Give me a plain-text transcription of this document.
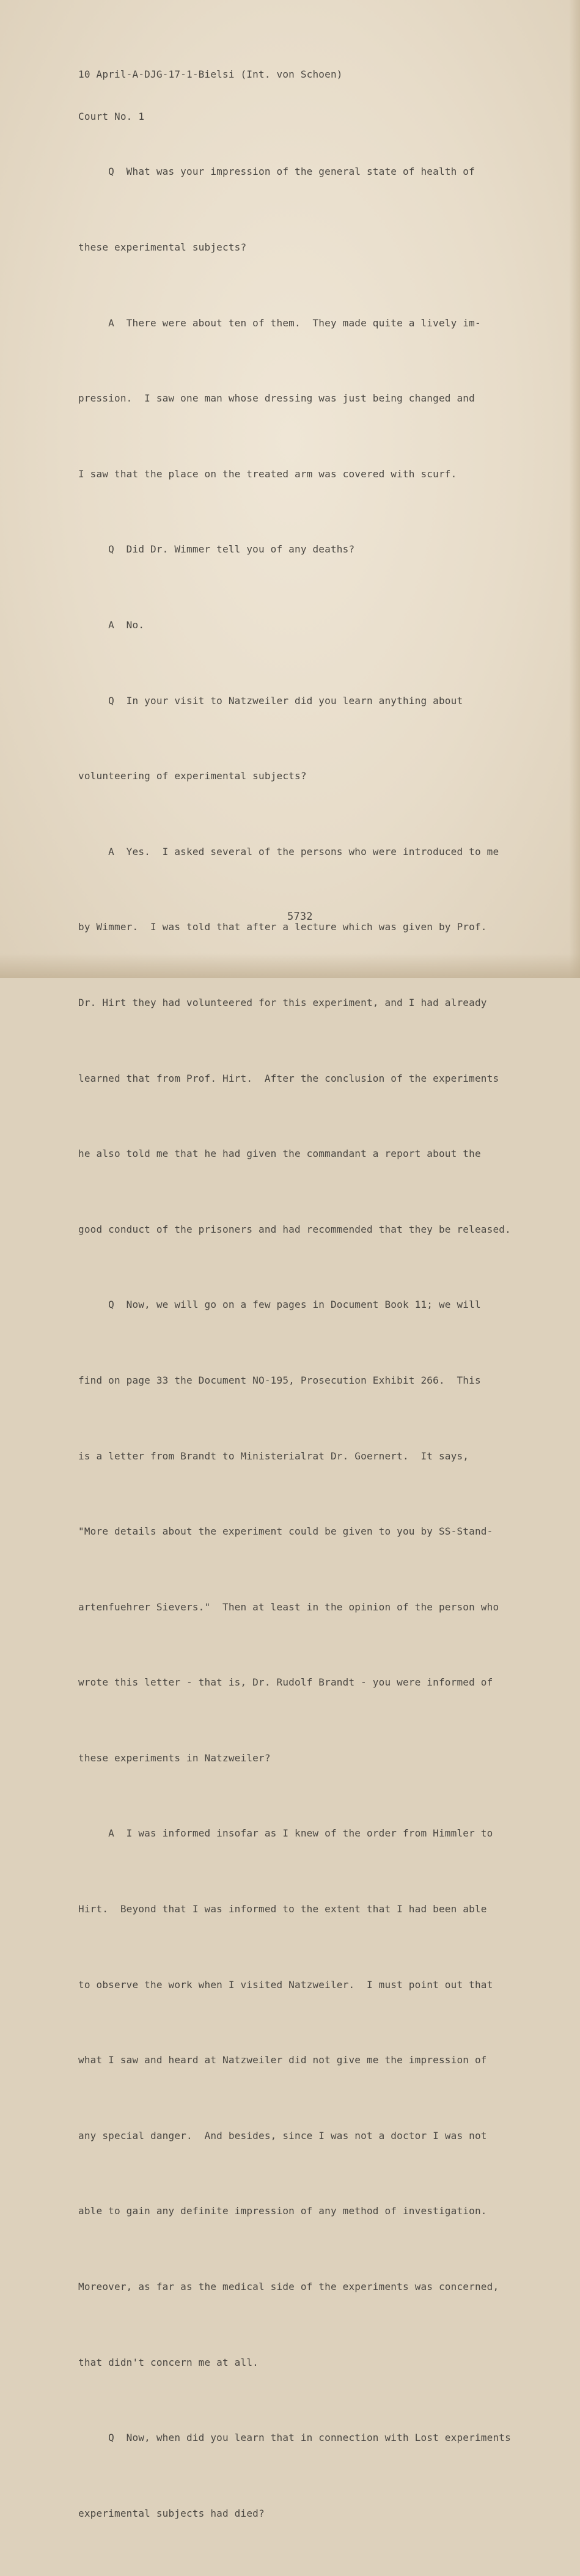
10 April-A-DJG-17-1-Bielsi (Int. von Schoen)

Court No. 1

Q  What was your impression of the general state of health of

these experimental subjects?

A  There were about ten of them.  They made quite a lively im-

pression.  I saw one man whose dressing was just being changed and

I saw that the place on the treated arm was covered with scurf.

Q  Did Dr. Wimmer tell you of any deaths?

A  No.

Q  In your visit to Natzweiler did you learn anything about

volunteering of experimental subjects?

A  Yes.  I asked several of the persons who were introduced to me

by Wimmer.  I was told that after a lecture which was given by Prof.

Dr. Hirt they had volunteered for this experiment, and I had already

learned that from Prof. Hirt.  After the conclusion of the experiments

he also told me that he had given the commandant a report about the

good conduct of the prisoners and had recommended that they be released.

Q  Now, we will go on a few pages in Document Book 11; we will

find on page 33 the Document NO-195, Prosecution Exhibit 266.  This

is a letter from Brandt to Ministerialrat Dr. Goernert.  It says,

"More details about the experiment could be given to you by SS-Stand-

artenfuehrer Sievers."  Then at least in the opinion of the person who

wrote this letter - that is, Dr. Rudolf Brandt - you were informed of

these experiments in Natzweiler?

A  I was informed insofar as I knew of the order from Himmler to

Hirt.  Beyond that I was informed to the extent that I had been able

to observe the work when I visited Natzweiler.  I must point out that

what I saw and heard at Natzweiler did not give me the impression of

any special danger.  And besides, since I was not a doctor I was not

able to gain any definite impression of any method of investigation.

Moreover, as far as the medical side of the experiments was concerned,

that didn't concern me at all.

Q  Now, when did you learn that in connection with Lost experiments

experimental subjects had died?

5732
